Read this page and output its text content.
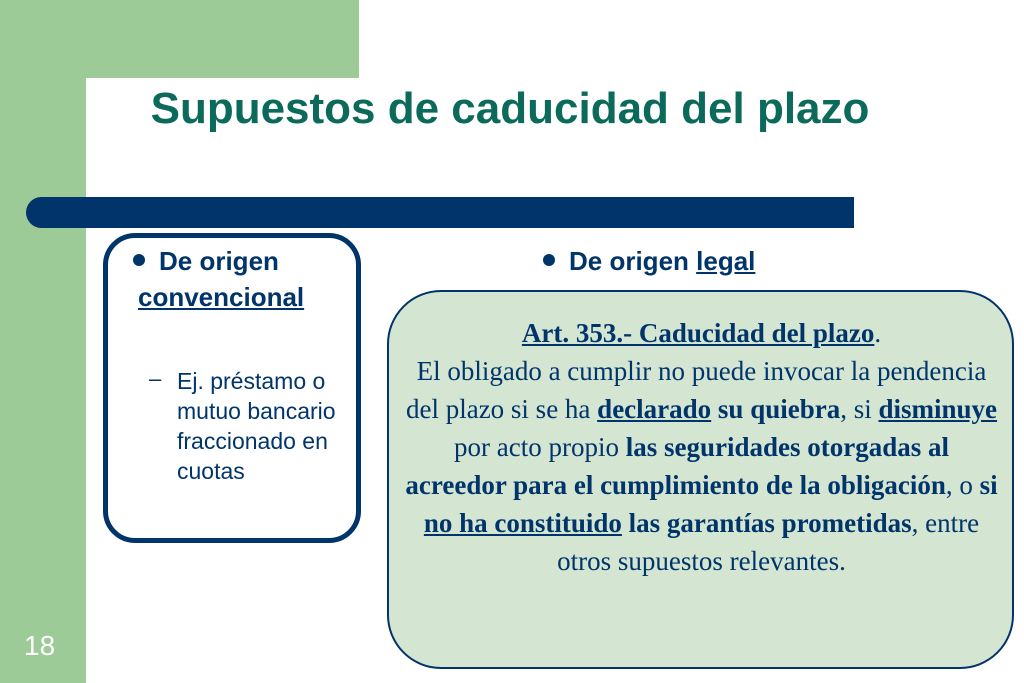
Supuestos de caducidad del plazo
18
De origen
convencional
– Ej. préstamo o mutuo bancario fraccionado en cuotas
De origen legal
Art. 353.- Caducidad del plazo.
El obligado a cumplir no puede invocar la pendencia del plazo si se ha declarado su quiebra, si disminuye por acto propio las seguridades otorgadas al acreedor para el cumplimiento de la obligación, o si no ha constituido las garantías prometidas, entre otros supuestos relevantes.
